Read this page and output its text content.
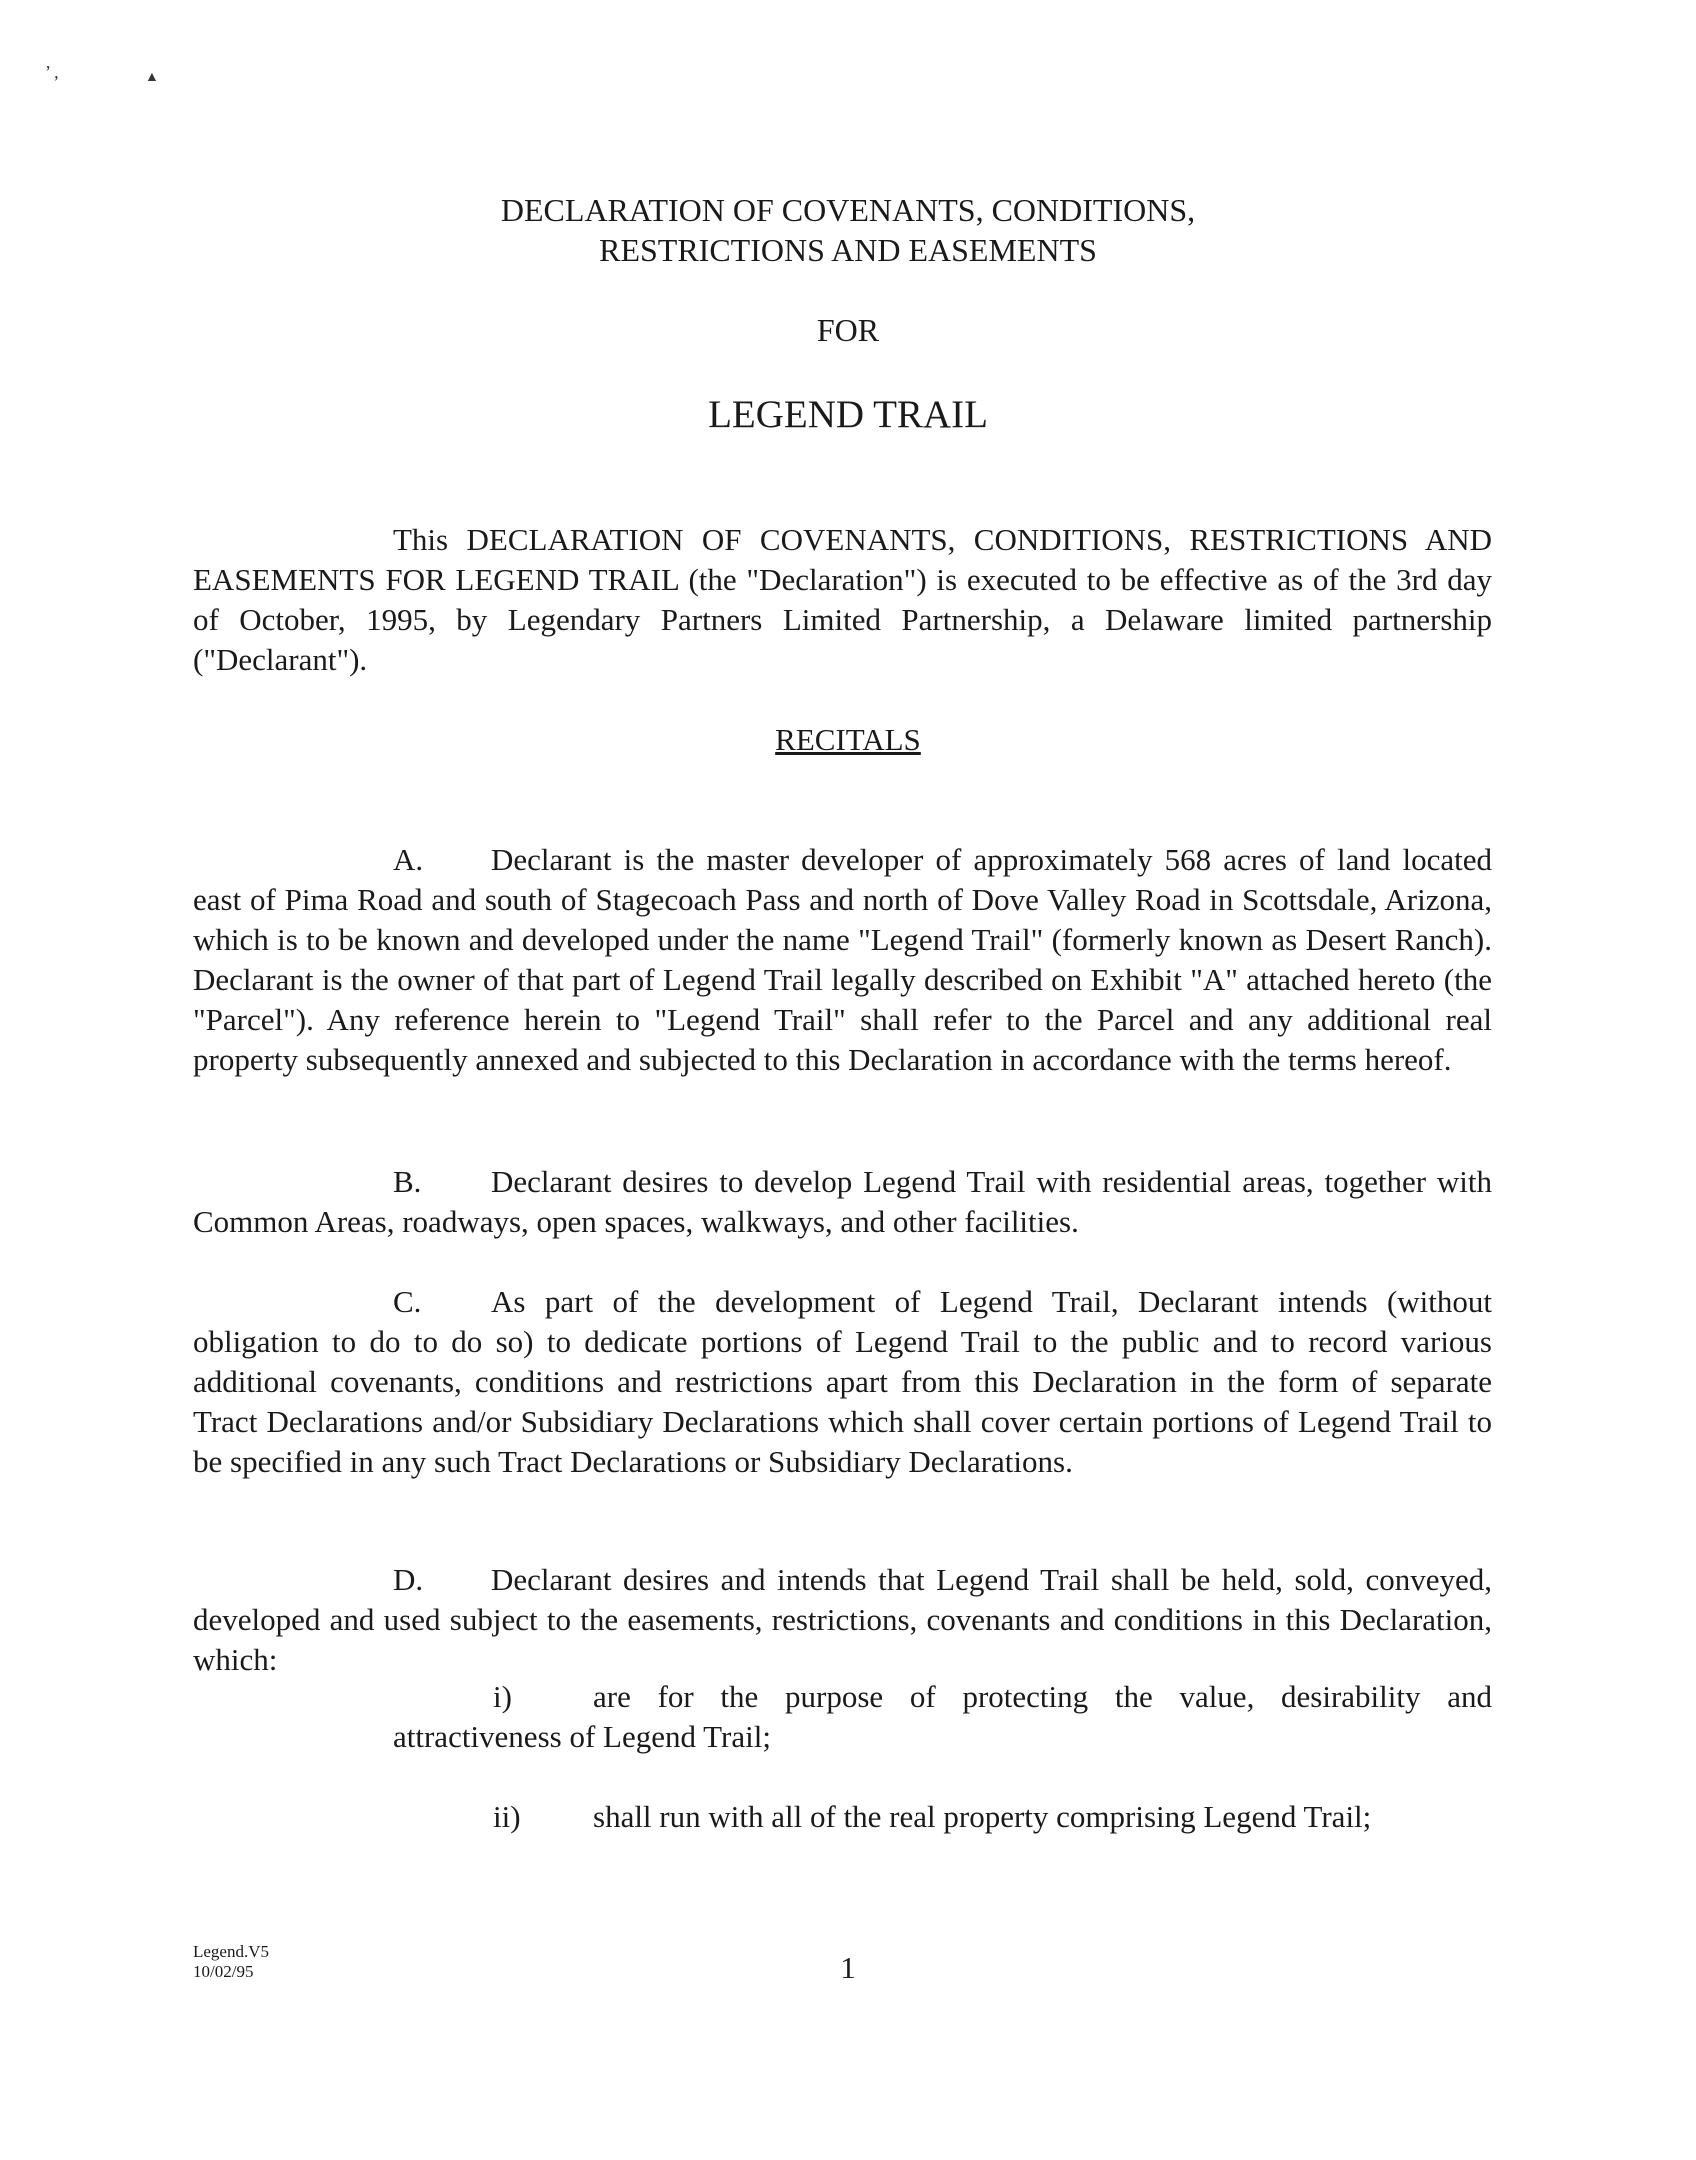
’ ,	▲
DECLARATION OF COVENANTS, CONDITIONS,
RESTRICTIONS AND EASEMENTS
FOR
LEGEND TRAIL

This DECLARATION OF COVENANTS, CONDITIONS, RESTRICTIONS AND EASEMENTS FOR LEGEND TRAIL (the "Declaration") is executed to be effective as of the 3rd day of October, 1995, by Legendary Partners Limited Partnership, a Delaware limited partnership ("Declarant").

RECITALS
A. Declarant is the master developer of approximately 568 acres of land located east of Pima Road and south of Stagecoach Pass and north of Dove Valley Road in Scottsdale, Arizona, which is to be known and developed under the name "Legend Trail" (formerly known as Desert Ranch). Declarant is the owner of that part of Legend Trail legally described on Exhibit "A" attached hereto (the "Parcel"). Any reference herein to "Legend Trail" shall refer to the Parcel and any additional real property subsequently annexed and subjected to this Declaration in accordance with the terms hereof.
B. Declarant desires to develop Legend Trail with residential areas, together with Common Areas, roadways, open spaces, walkways, and other facilities.
C. As part of the development of Legend Trail, Declarant intends (without obligation to do to do so) to dedicate portions of Legend Trail to the public and to record various additional covenants, conditions and restrictions apart from this Declaration in the form of separate Tract Declarations and/or Subsidiary Declarations which shall cover certain portions of Legend Trail to be specified in any such Tract Declarations or Subsidiary Declarations.
D. Declarant desires and intends that Legend Trail shall be held, sold, conveyed, developed and used subject to the easements, restrictions, covenants and conditions in this Declaration, which:
i)	are for the purpose of protecting the value, desirability and attractiveness of Legend Trail;
ii) shall run with all of the real property comprising Legend Trail;
Legend.V5
10/02/95	1
